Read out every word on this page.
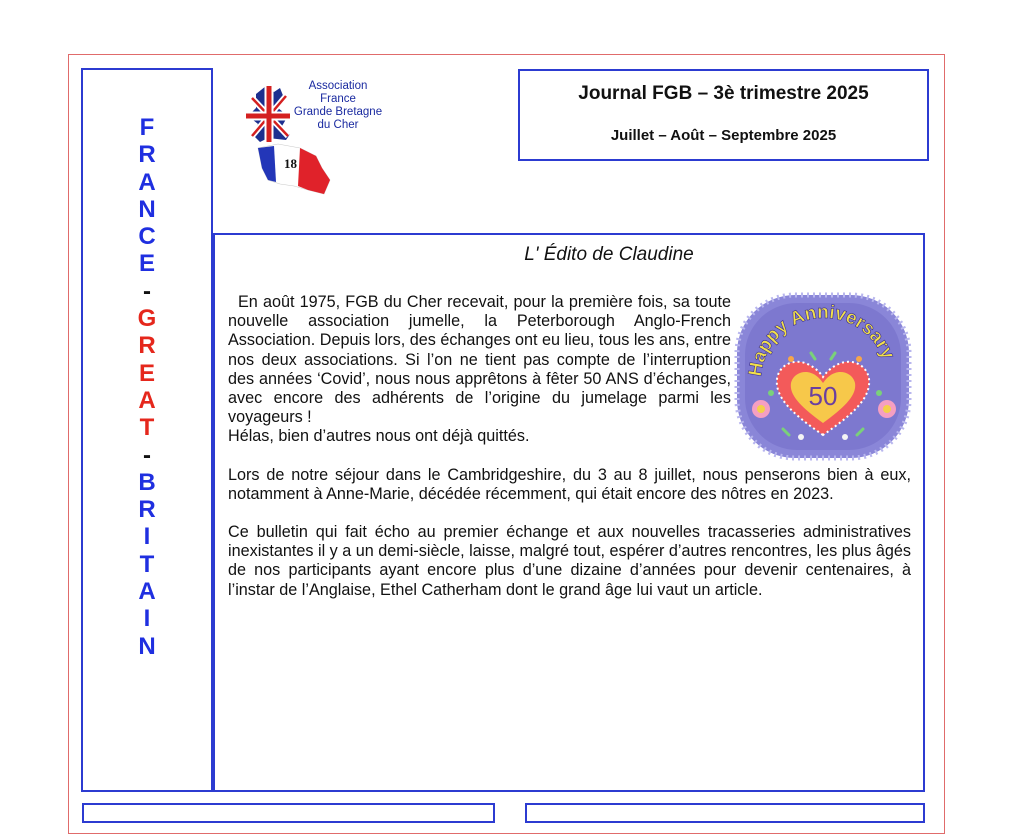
F
R
A
N
C
E
-
G
R
E
A
T
-
B
R
I
T
A
I
N
18
Association
France
Grande Bretagne
du Cher
Journal FGB – 3è trimestre 2025
Juillet – Août – Septembre 2025
L' Édito de Claudine
En août 1975, FGB du Cher recevait, pour la première fois, sa toute nouvelle association jumelle, la Peterborough Anglo-French Association. Depuis lors, des échanges ont eu lieu, tous les ans, entre nos deux associations. Si l’on ne tient pas compte de l’interruption des années ‘Covid’, nous nous apprêtons à fêter 50 ANS d’échanges, avec encore des adhérents de l’origine du jumelage parmi les voyageurs !
Hélas, bien d’autres nous ont déjà quittés.
Lors de notre séjour dans le Cambridgeshire, du 3 au 8 juillet, nous penserons bien à eux, notamment à Anne-Marie, décédée récemment, qui était encore des nôtres en 2023.
Ce bulletin qui fait écho au premier échange et aux nouvelles tracasseries administratives inexistantes il y a un demi-siècle, laisse, malgré tout, espérer d’autres rencontres, les plus âgés de nos participants ayant encore plus d’une dizaine d’années pour devenir centenaires, à l’instar de l’Anglaise, Ethel Catherham dont le grand âge lui vaut un article.
Happy Anniversary
50
